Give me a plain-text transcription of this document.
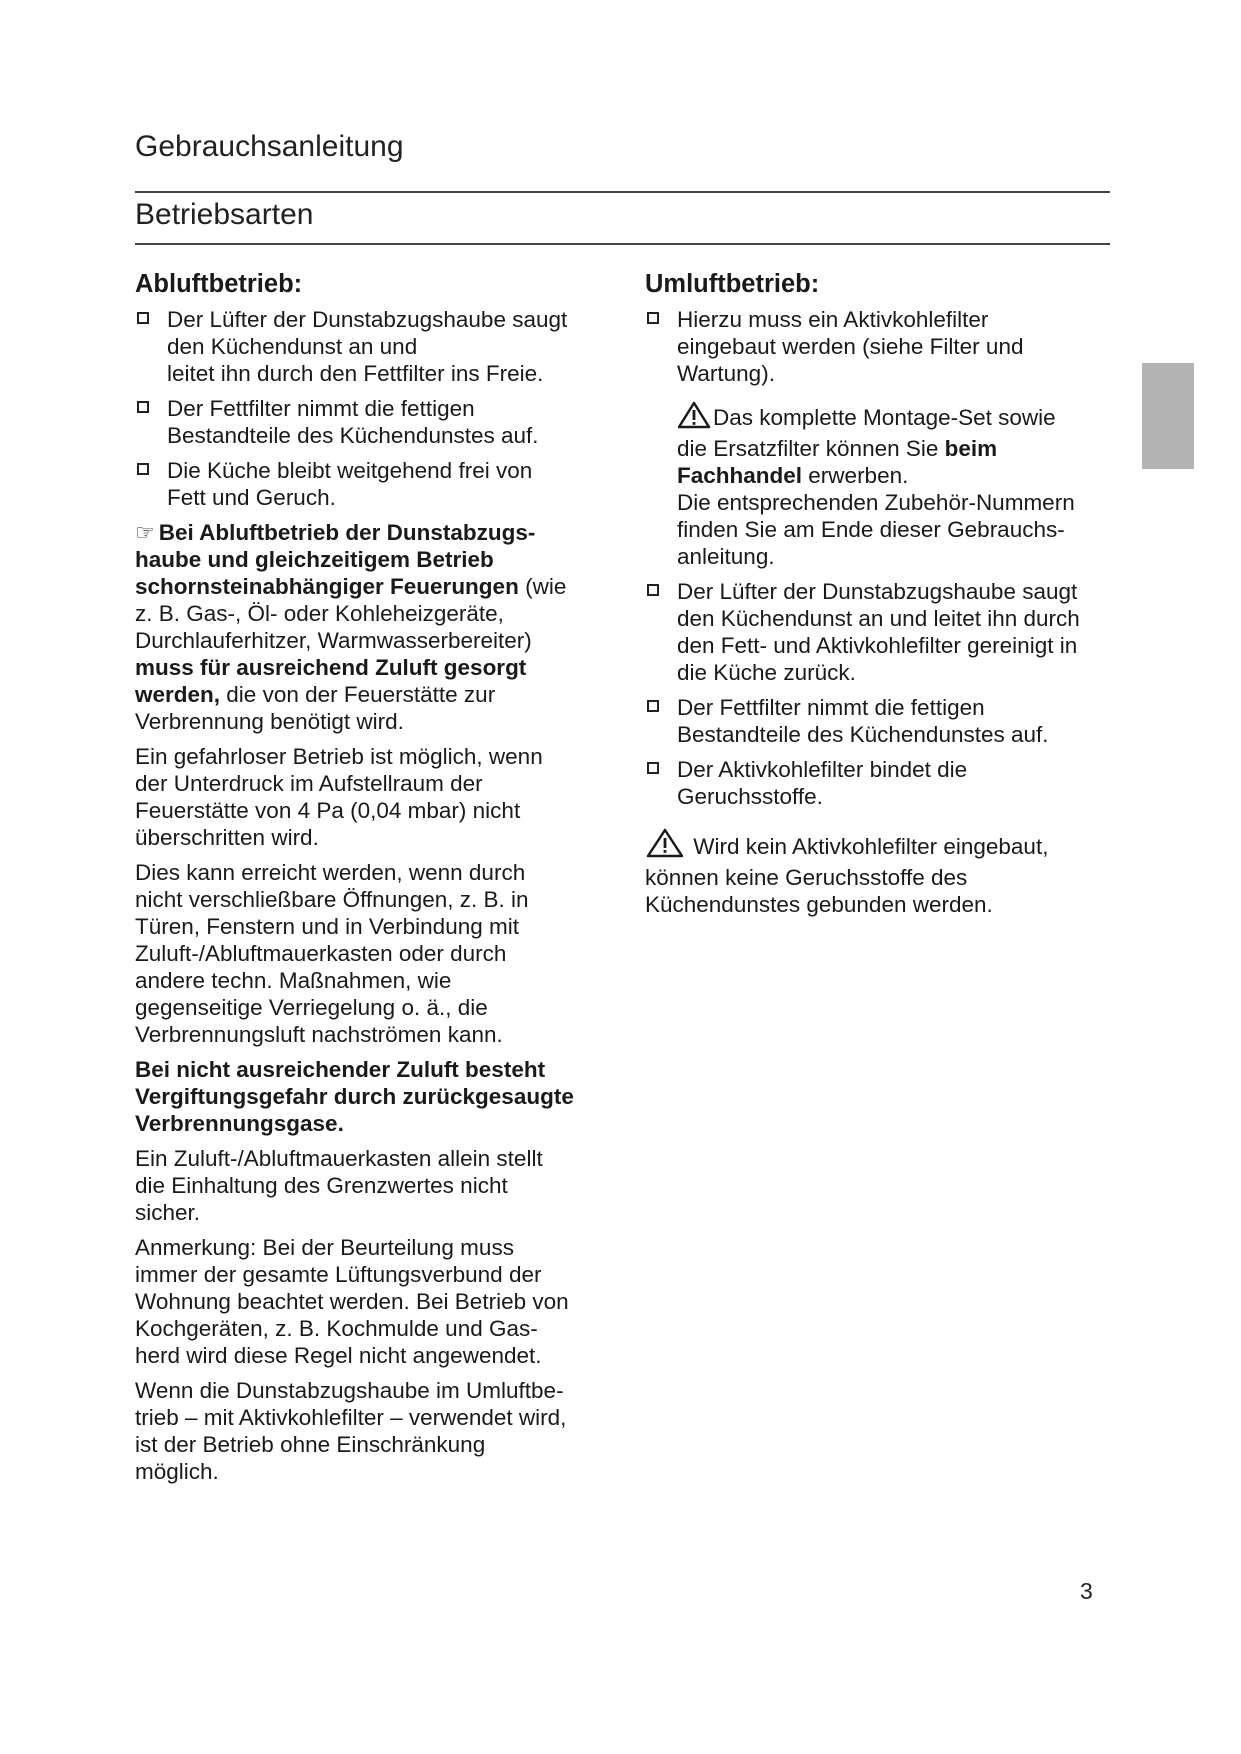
Gebrauchsanleitung
Betriebsarten
Abluftbetrieb:
Der Lüfter der Dunstabzugshaube saugt
den Küchendunst an und
leitet ihn durch den Fettfilter ins Freie.
Der Fettfilter nimmt die fettigen
Bestandteile des Küchendunstes auf.
Die Küche bleibt weitgehend frei von
Fett und Geruch.
☞ Bei Abluftbetrieb der Dunstabzugs-
haube und gleichzeitigem Betrieb
schornsteinabhängiger Feuerungen (wie
z. B. Gas-, Öl- oder Kohleheizgeräte,
Durchlauferhitzer, Warmwasserbereiter)
muss für ausreichend Zuluft gesorgt
werden, die von der Feuerstätte zur
Verbrennung benötigt wird.
Ein gefahrloser Betrieb ist möglich, wenn
der Unterdruck im Aufstellraum der
Feuerstätte von 4 Pa (0,04 mbar) nicht
überschritten wird.
Dies kann erreicht werden, wenn durch
nicht verschließbare Öffnungen, z. B. in
Türen, Fenstern und in Verbindung mit
Zuluft-/Abluftmauerkasten oder durch
andere techn. Maßnahmen, wie
gegenseitige Verriegelung o. ä., die
Verbrennungsluft nachströmen kann.
Bei nicht ausreichender Zuluft besteht
Vergiftungsgefahr durch zurückgesaugte
Verbrennungsgase.
Ein Zuluft-/Abluftmauerkasten allein stellt
die Einhaltung des Grenzwertes nicht
sicher.
Anmerkung: Bei der Beurteilung muss
immer der gesamte Lüftungsverbund der
Wohnung beachtet werden. Bei Betrieb von
Kochgeräten, z. B. Kochmulde und Gas-
herd wird diese Regel nicht angewendet.
Wenn die Dunstabzugshaube im Umluftbe-
trieb – mit Aktivkohlefilter – verwendet wird,
ist der Betrieb ohne Einschränkung
möglich.
Umluftbetrieb:
Hierzu muss ein Aktivkohlefilter
eingebaut werden (siehe Filter und
Wartung).
Das komplette Montage-Set sowie
die Ersatzfilter können Sie beim
Fachhandel erwerben.
Die entsprechenden Zubehör-Nummern
finden Sie am Ende dieser Gebrauchs-
anleitung.
Der Lüfter der Dunstabzugshaube saugt
den Küchendunst an und leitet ihn durch
den Fett- und Aktivkohlefilter gereinigt in
die Küche zurück.
Der Fettfilter nimmt die fettigen
Bestandteile des Küchendunstes auf.
Der Aktivkohlefilter bindet die
Geruchsstoffe.
Wird kein Aktivkohlefilter eingebaut,
können keine Geruchsstoffe des
Küchendunstes gebunden werden.
3
